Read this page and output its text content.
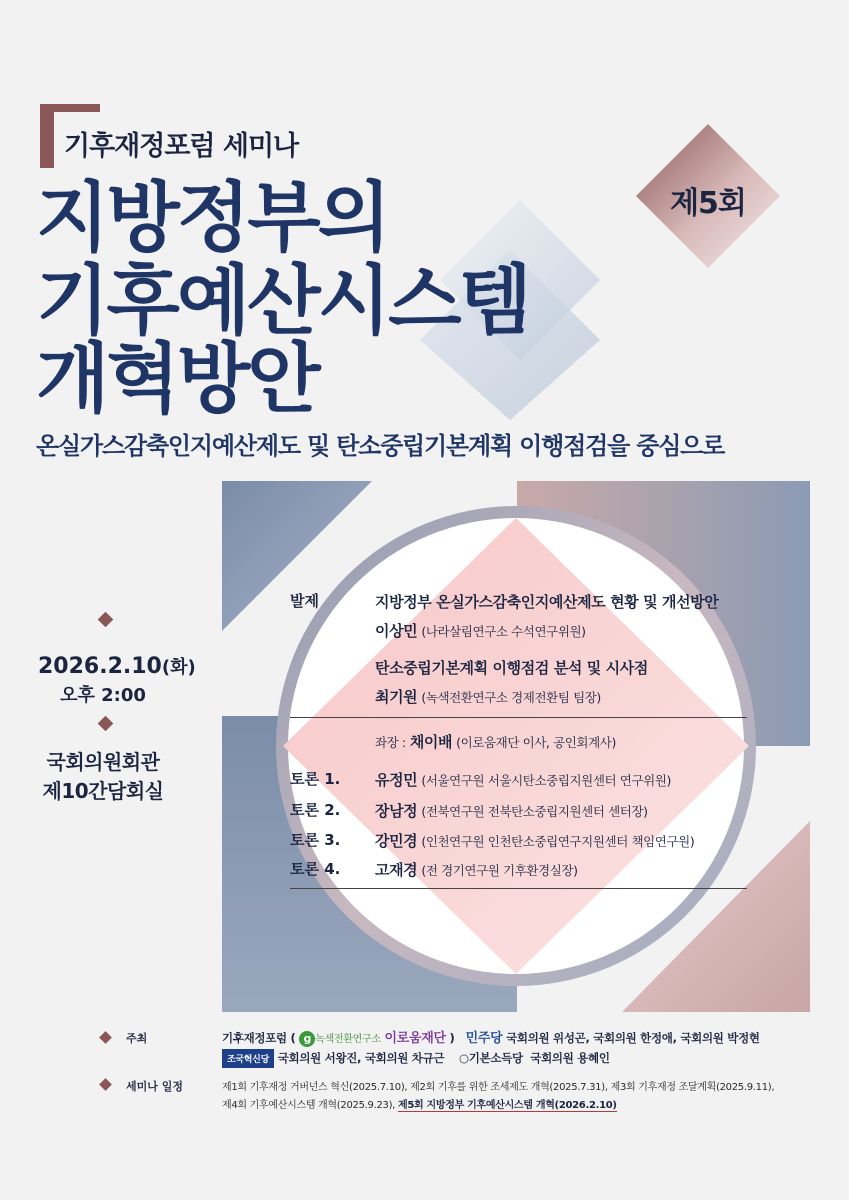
기후재정포럼 세미나
지방정부의
기후예산시스템
개혁방안
제5회
온실가스감축인지예산제도 및 탄소중립기본계획 이행점검을 중심으로
2026.2.10(화)
오후 2:00
국회의원회관
제10간담회실
발제	지방정부 온실가스감축인지예산제도 현황 및 개선방안
이상민 (나라살림연구소 수석연구위원)
탄소중립기본계획 이행점검 분석 및 시사점
최기원 (녹색전환연구소 경제전환팀 팀장)
좌장 : 채이배 (이로움재단 이사, 공인회계사)
토론 1. 유정민 (서울연구원 서울시탄소중립지원센터 연구위원)
토론 2. 장남정 (전북연구원 전북탄소중립지원센터 센터장)
토론 3. 강민경 (인천연구원 인천탄소중립연구지원센터 책임연구원)
토론 4. 고재경 (전 경기연구원 기후환경실장)
주최	기후재정포럼 ( g 녹색전환연구소 이로움재단 ) 민주당 국회의원 위성곤, 국회의원 한정애, 국회의원 박정현
조국혁신당 국회의원 서왕진, 국회의원 차규근 ○기본소득당 국회의원 용혜인
세미나 일정	제1회 기후재정 거버넌스 혁신(2025.7.10), 제2회 기후를 위한 조세제도 개혁(2025.7.31), 제3회 기후재정 조달계획(2025.9.11),
제4회 기후예산시스템 개혁(2025.9.23), 제5회 지방정부 기후예산시스템 개혁(2026.2.10)
